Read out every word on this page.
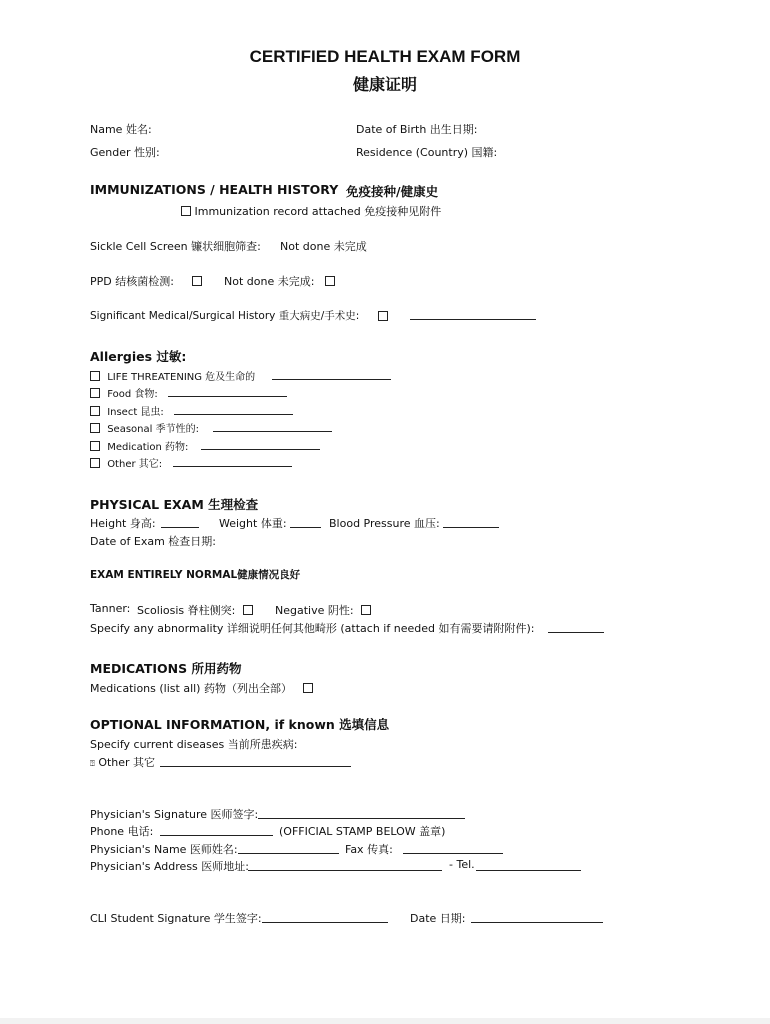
CERTIFIED HEALTH EXAM FORM
健康证明
Name 姓名:	Date of Birth 出生日期:
Gender 性别:	Residence (Country) 国籍:
IMMUNIZATIONS / HEALTH HISTORY 免疫接种/健康史
Immunization record attached 免疫接种见附件
Sickle Cell Screen 镰状细胞筛查: Not done 未完成
PPD 结核菌检测:	Not done 未完成:
Significant Medical/Surgical History 重大病史/手术史:
Allergies 过敏:
LIFE THREATENING 危及生命的
Food 食物:
Insect 昆虫:
Seasonal 季节性的:
Medication 药物:
Other 其它:
PHYSICAL EXAM 生理检查
Height 身高:	Weight 体重:	Blood Pressure 血压:
Date of Exam 检查日期:
EXAM ENTIRELY NORMAL健康情况良好
Tanner: Scoliosis 脊柱侧突:	Negative 阴性:
Specify any abnormality 详细说明任何其他畸形 (attach if needed 如有需要请附附件):
MEDICATIONS 所用药物
Medications (list all) 药物（列出全部）
OPTIONAL INFORMATION, if known 选填信息
Specify current diseases 当前所患疾病:
⍰ Other 其它
Physician's Signature 医师签字:
Phone 电话:	(OFFICIAL STAMP BELOW 盖章)
Physician's Name 医师姓名:	Fax 传真:
Physician's Address 医师地址:	- Tel.
CLI Student Signature 学生签字:	Date 日期:
